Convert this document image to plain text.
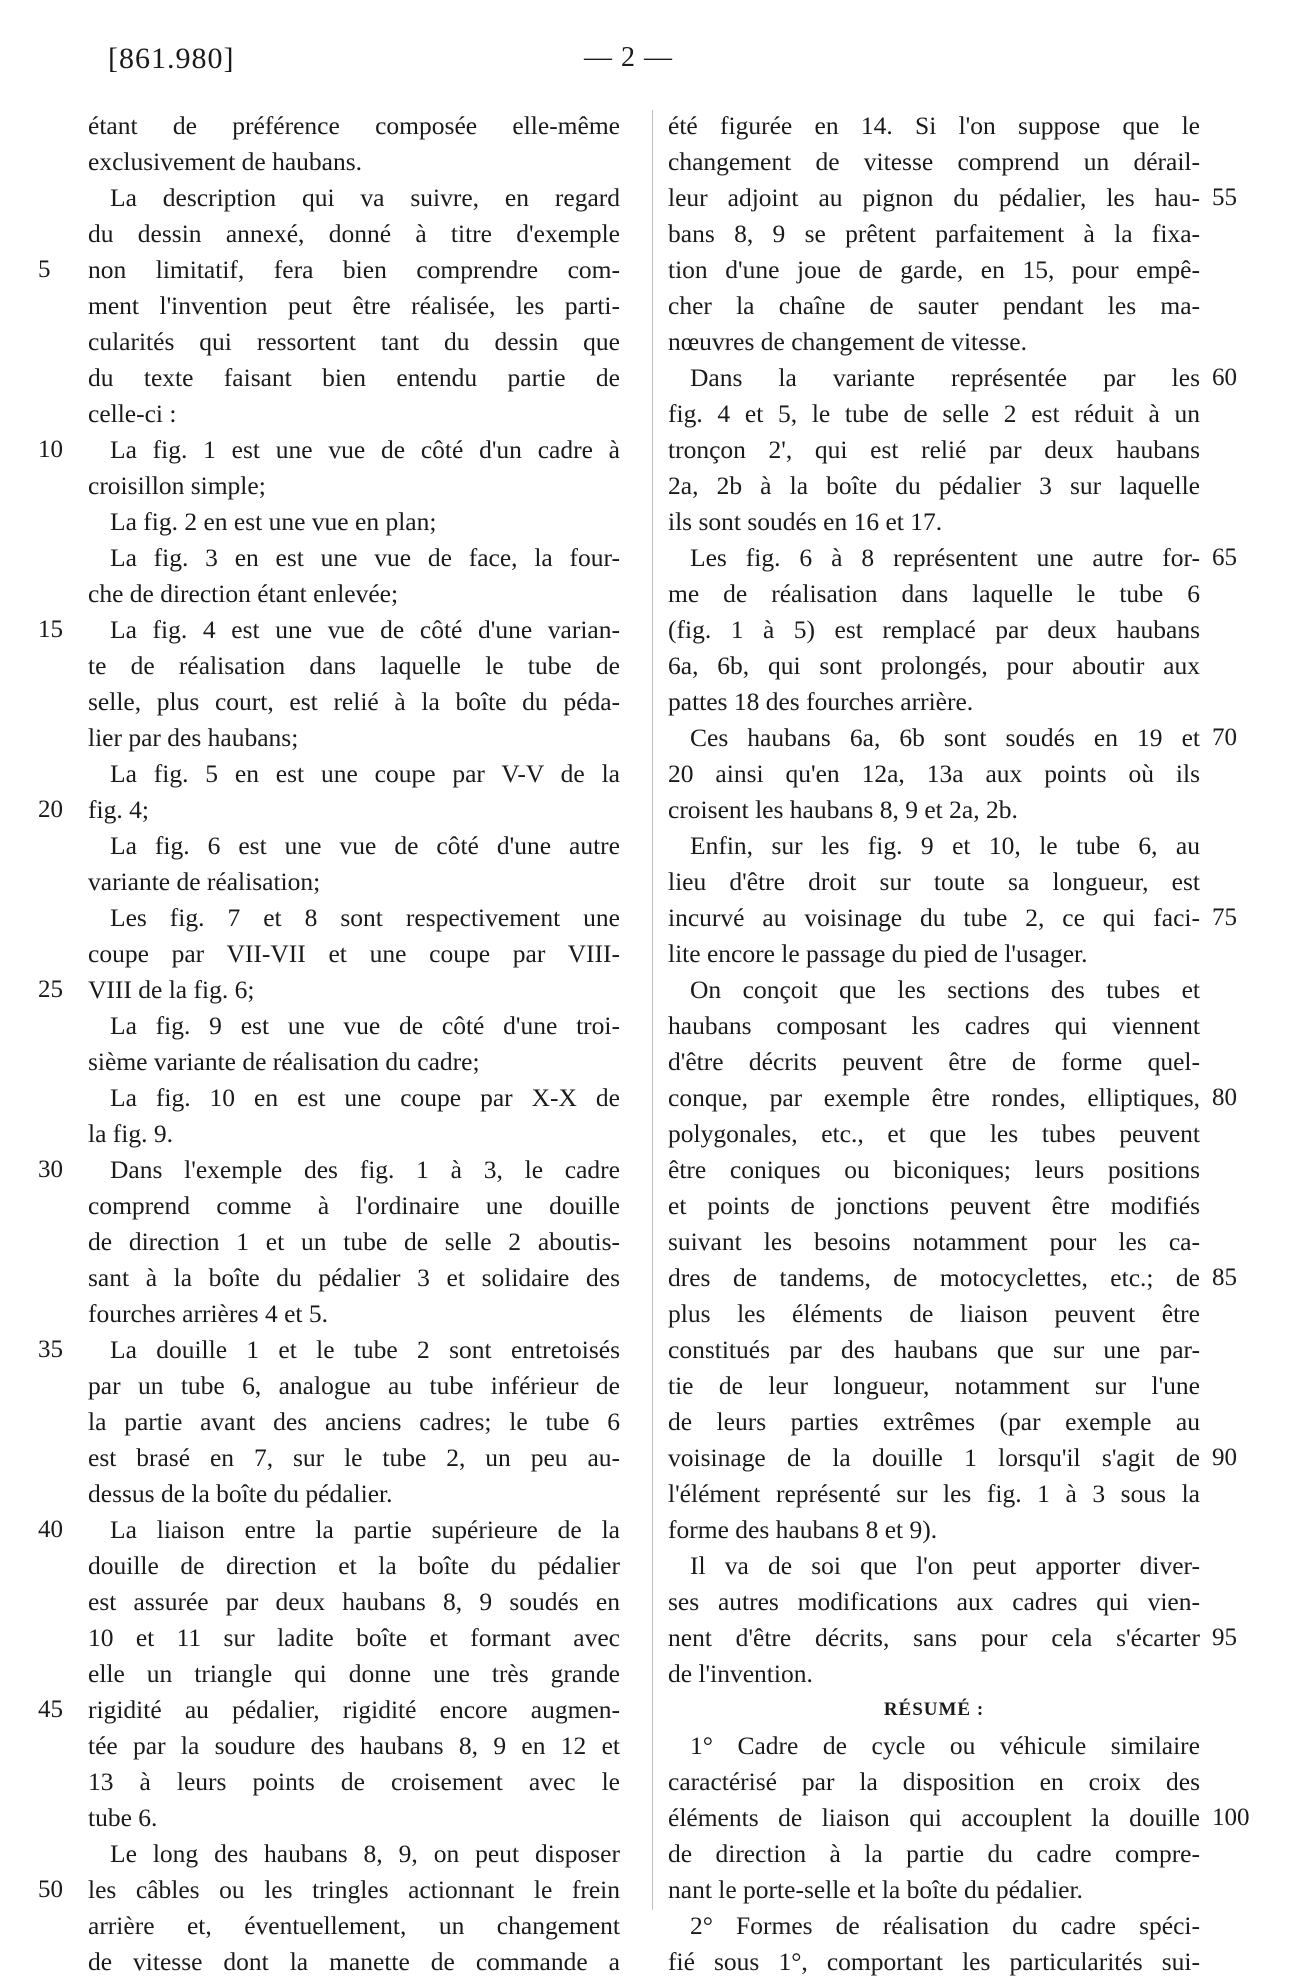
[861.980]	— 2 —
étant de préférence composée elle-même
exclusivement de haubans.
La description qui va suivre, en regard
du dessin annexé, donné à titre d'exemple
non limitatif, fera bien comprendre com-
ment l'invention peut être réalisée, les parti-
cularités qui ressortent tant du dessin que
du texte faisant bien entendu partie de
celle-ci :
La fig. 1 est une vue de côté d'un cadre à
croisillon simple;
La fig. 2 en est une vue en plan;
La fig. 3 en est une vue de face, la four-
che de direction étant enlevée;
La fig. 4 est une vue de côté d'une varian-
te de réalisation dans laquelle le tube de
selle, plus court, est relié à la boîte du péda-
lier par des haubans;
La fig. 5 en est une coupe par V-V de la
fig. 4;
La fig. 6 est une vue de côté d'une autre
variante de réalisation;
Les fig. 7 et 8 sont respectivement une
coupe par VII-VII et une coupe par VIII-
VIII de la fig. 6;
La fig. 9 est une vue de côté d'une troi-
sième variante de réalisation du cadre;
La fig. 10 en est une coupe par X-X de
la fig. 9.
Dans l'exemple des fig. 1 à 3, le cadre
comprend comme à l'ordinaire une douille
de direction 1 et un tube de selle 2 aboutis-
sant à la boîte du pédalier 3 et solidaire des
fourches arrières 4 et 5.
La douille 1 et le tube 2 sont entretoisés
par un tube 6, analogue au tube inférieur de
la partie avant des anciens cadres; le tube 6
est brasé en 7, sur le tube 2, un peu au-
dessus de la boîte du pédalier.
La liaison entre la partie supérieure de la
douille de direction et la boîte du pédalier
est assurée par deux haubans 8, 9 soudés en
10 et 11 sur ladite boîte et formant avec
elle un triangle qui donne une très grande
rigidité au pédalier, rigidité encore augmen-
tée par la soudure des haubans 8, 9 en 12 et
13 à leurs points de croisement avec le
tube 6.
Le long des haubans 8, 9, on peut disposer
les câbles ou les tringles actionnant le frein
arrière et, éventuellement, un changement
de vitesse dont la manette de commande a
été figurée en 14. Si l'on suppose que le
changement de vitesse comprend un dérail-
leur adjoint au pignon du pédalier, les hau-
bans 8, 9 se prêtent parfaitement à la fixa-
tion d'une joue de garde, en 15, pour empê-
cher la chaîne de sauter pendant les ma-
nœuvres de changement de vitesse.
Dans la variante représentée par les
fig. 4 et 5, le tube de selle 2 est réduit à un
tronçon 2', qui est relié par deux haubans
2a, 2b à la boîte du pédalier 3 sur laquelle
ils sont soudés en 16 et 17.
Les fig. 6 à 8 représentent une autre for-
me de réalisation dans laquelle le tube 6
(fig. 1 à 5) est remplacé par deux haubans
6a, 6b, qui sont prolongés, pour aboutir aux
pattes 18 des fourches arrière.
Ces haubans 6a, 6b sont soudés en 19 et
20 ainsi qu'en 12a, 13a aux points où ils
croisent les haubans 8, 9 et 2a, 2b.
Enfin, sur les fig. 9 et 10, le tube 6, au
lieu d'être droit sur toute sa longueur, est
incurvé au voisinage du tube 2, ce qui faci-
lite encore le passage du pied de l'usager.
On conçoit que les sections des tubes et
haubans composant les cadres qui viennent
d'être décrits peuvent être de forme quel-
conque, par exemple être rondes, elliptiques,
polygonales, etc., et que les tubes peuvent
être coniques ou biconiques; leurs positions
et points de jonctions peuvent être modifiés
suivant les besoins notamment pour les ca-
dres de tandems, de motocyclettes, etc.; de
plus les éléments de liaison peuvent être
constitués par des haubans que sur une par-
tie de leur longueur, notamment sur l'une
de leurs parties extrêmes (par exemple au
voisinage de la douille 1 lorsqu'il s'agit de
l'élément représenté sur les fig. 1 à 3 sous la
forme des haubans 8 et 9).
Il va de soi que l'on peut apporter diver-
ses autres modifications aux cadres qui vien-
nent d'être décrits, sans pour cela s'écarter
de l'invention.
RÉSUMÉ :
1° Cadre de cycle ou véhicule similaire
caractérisé par la disposition en croix des
éléments de liaison qui accouplent la douille
de direction à la partie du cadre compre-
nant le porte-selle et la boîte du pédalier.
2° Formes de réalisation du cadre spéci-
fié sous 1°, comportant les particularités sui-
5
10
15
20
25
30
35
40
45
50
55
60
65
70
75
80
85
90
95
100
